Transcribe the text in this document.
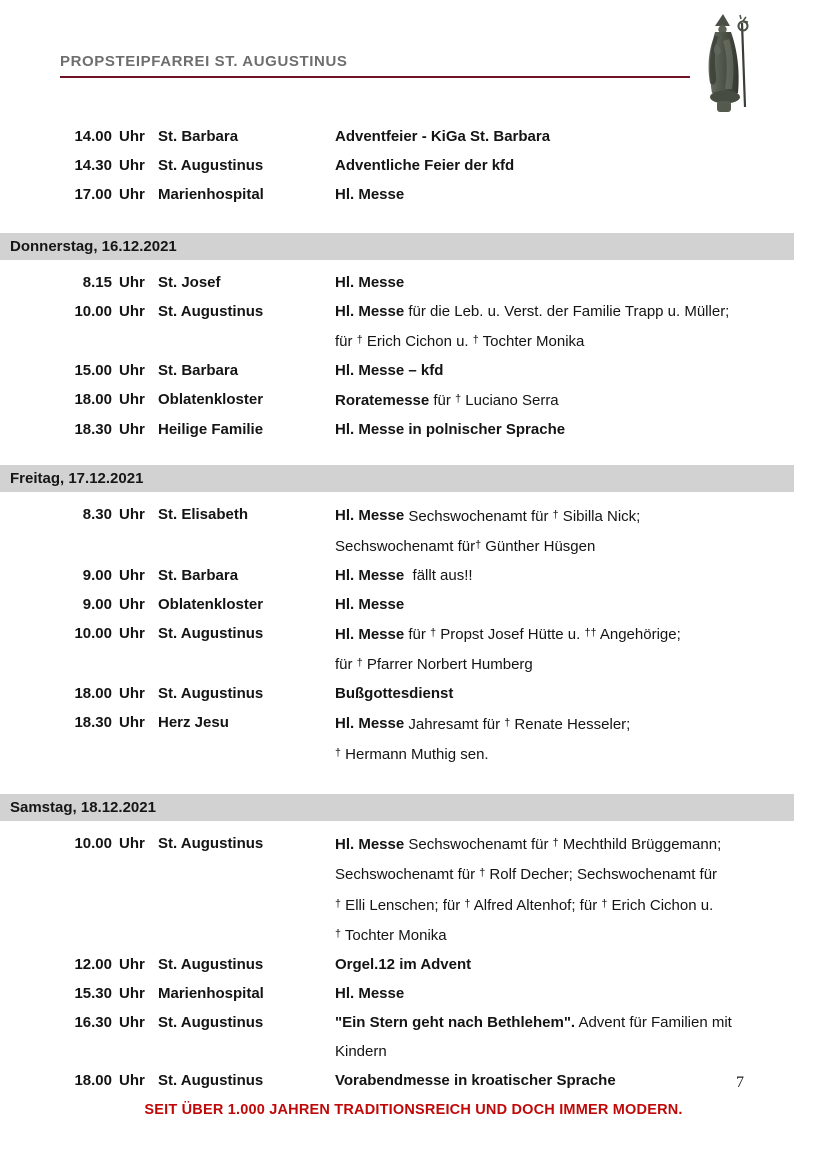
PROPSTEIPFARREI ST. AUGUSTINUS
14.00 Uhr St. Barbara	Adventfeier - KiGa St. Barbara
14.30 Uhr St. Augustinus	Adventliche Feier der kfd
17.00 Uhr Marienhospital	Hl. Messe
Donnerstag, 16.12.2021
8.15 Uhr St. Josef	Hl. Messe
10.00 Uhr St. Augustinus	Hl. Messe für die Leb. u. Verst. der Familie Trapp u. Müller;
für † Erich Cichon u. † Tochter Monika
15.00 Uhr St. Barbara	Hl. Messe – kfd
18.00 Uhr Oblatenkloster	Roratemesse für † Luciano Serra
18.30 Uhr Heilige Familie	Hl. Messe in polnischer Sprache
Freitag, 17.12.2021
8.30 Uhr St. Elisabeth	Hl. Messe Sechswochenamt für † Sibilla Nick;
Sechswochenamt für† Günther Hüsgen
9.00 Uhr St. Barbara	Hl. Messe  fällt aus!!
9.00 Uhr Oblatenkloster	Hl. Messe
10.00 Uhr St. Augustinus	Hl. Messe für † Propst Josef Hütte u. †† Angehörige;
für † Pfarrer Norbert Humberg
18.00 Uhr St. Augustinus	Bußgottesdienst
18.30 Uhr Herz Jesu	Hl. Messe Jahresamt für † Renate Hesseler;
† Hermann Muthig sen.
Samstag, 18.12.2021
10.00 Uhr St. Augustinus	Hl. Messe Sechswochenamt für † Mechthild Brüggemann;
Sechswochenamt für † Rolf Decher; Sechswochenamt für
† Elli Lenschen; für † Alfred Altenhof; für † Erich Cichon u.
† Tochter Monika
12.00 Uhr St. Augustinus	Orgel.12 im Advent
15.30 Uhr Marienhospital	Hl. Messe
16.30 Uhr St. Augustinus	"Ein Stern geht nach Bethlehem". Advent für Familien mit
Kindern
18.00 Uhr St. Augustinus	Vorabendmesse in kroatischer Sprache
SEIT ÜBER 1.000 JAHREN TRADITIONSREICH UND DOCH IMMER MODERN.
7
